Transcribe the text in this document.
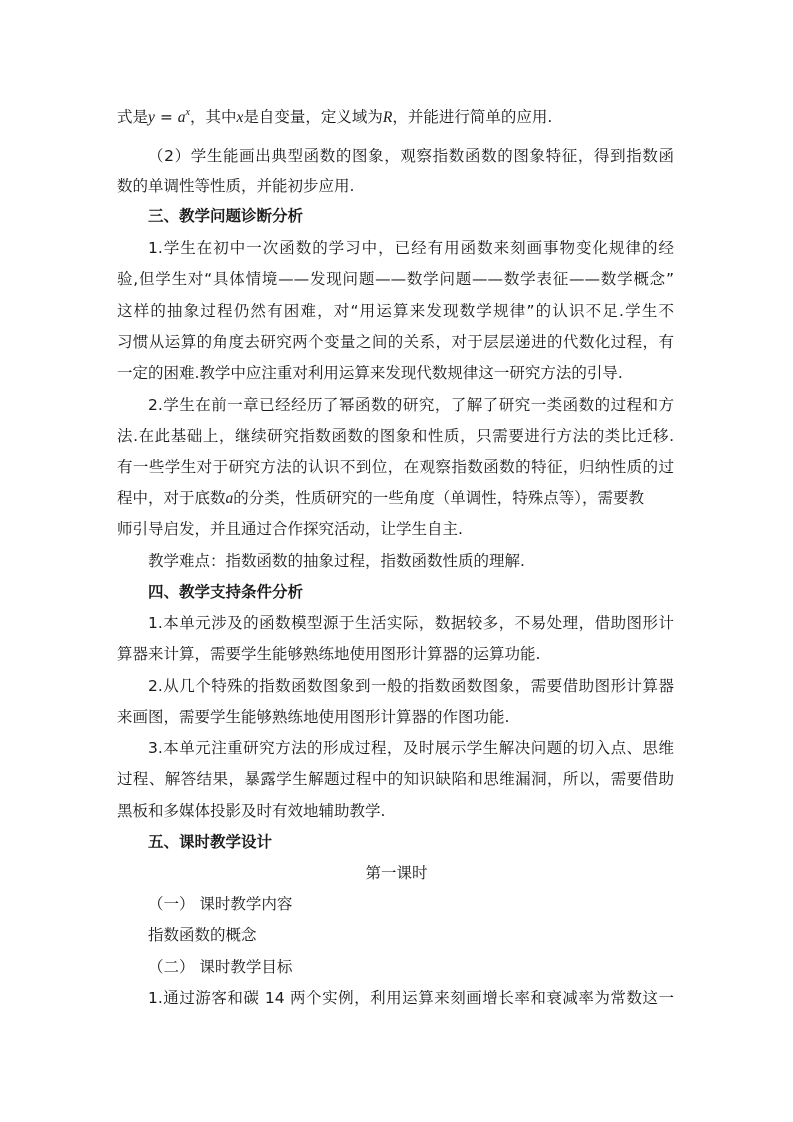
式是$y = a^x$，其中x是自变量，定义域为R，并能进行简单的应用.
（2）学生能画出典型函数的图象，观察指数函数的图象特征，得到指数函
数的单调性等性质，并能初步应用.
三、教学问题诊断分析
1.学生在初中一次函数的学习中，已经有用函数来刻画事物变化规律的经
验,但学生对“具体情境——发现问题——数学问题——数学表征——数学概念”
这样的抽象过程仍然有困难，对“用运算来发现数学规律”的认识不足.学生不
习惯从运算的角度去研究两个变量之间的关系，对于层层递进的代数化过程，有
一定的困难.教学中应注重对利用运算来发现代数规律这一研究方法的引导.
2.学生在前一章已经经历了幂函数的研究，了解了研究一类函数的过程和方
法.在此基础上，继续研究指数函数的图象和性质，只需要进行方法的类比迁移.
有一些学生对于研究方法的认识不到位，在观察指数函数的特征，归纳性质的过
程中，对于底数a的分类，性质研究的一些角度（单调性，特殊点等），需要教
师引导启发，并且通过合作探究活动，让学生自主.
教学难点：指数函数的抽象过程，指数函数性质的理解.
四、教学支持条件分析
1.本单元涉及的函数模型源于生活实际，数据较多，不易处理，借助图形计
算器来计算，需要学生能够熟练地使用图形计算器的运算功能.
2.从几个特殊的指数函数图象到一般的指数函数图象，需要借助图形计算器
来画图，需要学生能够熟练地使用图形计算器的作图功能.
3.本单元注重研究方法的形成过程，及时展示学生解决问题的切入点、思维
过程、解答结果，暴露学生解题过程中的知识缺陷和思维漏洞，所以，需要借助
黑板和多媒体投影及时有效地辅助教学.
五、课时教学设计
第一课时
（一） 课时教学内容
指数函数的概念
（二） 课时教学目标
1.通过游客和碳 14 两个实例，利用运算来刻画增长率和衰减率为常数这一
